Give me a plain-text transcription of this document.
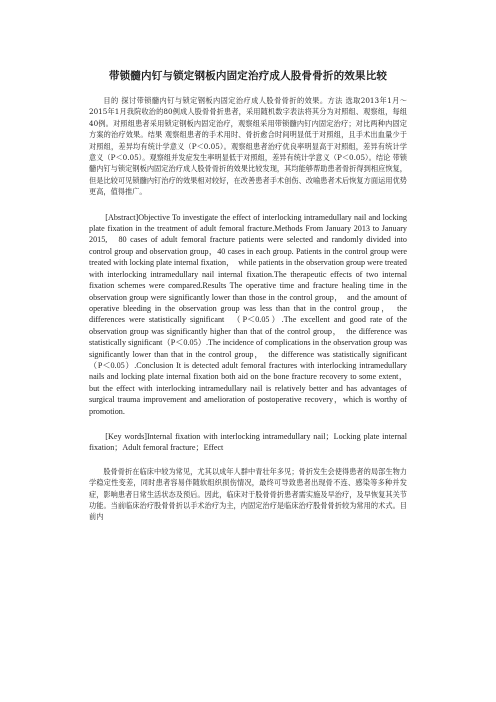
带锁髓内钉与锁定钢板内固定治疗成人股骨骨折的效果比较

目的 探讨带锁髓内钉与锁定钢板内固定治疗成人股骨骨折的效果。方法 选取2013年1月～2015年1月我院收治的80例成人股骨骨折患者，采用随机数字表法将其分为对照组、观察组，每组40例。对照组患者采用锁定钢板内固定治疗，观察组采用带锁髓内钉内固定治疗；对比两种内固定方案的治疗效果。结果 观察组患者的手术用时、骨折愈合时间明显低于对照组，且手术出血量少于对照组，差异均有统计学意义（P＜0.05）。观察组患者治疗优良率明显高于对照组，差异有统计学意义（P＜0.05）。观察组并发症发生率明显低于对照组，差异有统计学意义（P＜0.05）。结论 带锁髓内钉与锁定钢板内固定治疗成人股骨骨折的效果比较发现，其均能够帮助患者骨折得到相应恢复，但是比较可见锁髓内钉治疗的效果相对较好，在改善患者手术创伤、改喻患者术后恢复方面运用优势更高，值得推广。

[Abstract]Objective To investigate the effect of interlocking intramedullary nail and locking plate fixation in the treatment of adult femoral fracture.Methods From January 2013 to January 2015,　80 cases of adult femoral fracture patients were selected and randomly divided into control group and observation group，40 cases in each group. Patients in the control group were treated with locking plate internal fixation，　while patients in the observation group were treated with interlocking intramedullary nail internal fixation.The therapeutic effects of two internal fixation schemes were compared.Results The operative time and fracture healing time in the observation group were significantly lower than those in the control group，　and the amount of operative bleeding in the observation group was less than that in the control group，　the differences were statistically significant　（P＜0.05）.The excellent and good rate of the observation group was significantly higher than that of the control group，　the difference was statistically significant（P＜0.05）.The incidence of complications in the observation group was significantly lower than that in the control group，　the difference was statistically significant　（P＜0.05）.Conclusion It is detected adult femoral fractures with interlocking intramedullary nails and locking plate internal fixation both aid on the bone fracture recovery to some extent，but the effect with interlocking intramedullary nail is relatively better and has advantages of surgical trauma improvement and amelioration of postoperative recovery，which is worthy of promotion.

[Key words]Internal fixation with interlocking intramedullary nail；Locking plate internal fixation；Adult femoral fracture；Effect

股骨骨折在临床中较为常见，尤其以成年人群中青壮年多见；骨折发生会使得患者的局部生物力学稳定性变差，同时患者容易伴随软组织损伤情况，最终可导致患者出现骨不连、感染等多种并发症，影响患者日常生活状态及预后。因此，临床对于股骨骨折患者需实施及早治疗，及早恢复其关节功能。当前临床治疗股骨骨折以手术治疗为主，内固定治疗是临床治疗股骨骨折较为常用的术式。目前内
